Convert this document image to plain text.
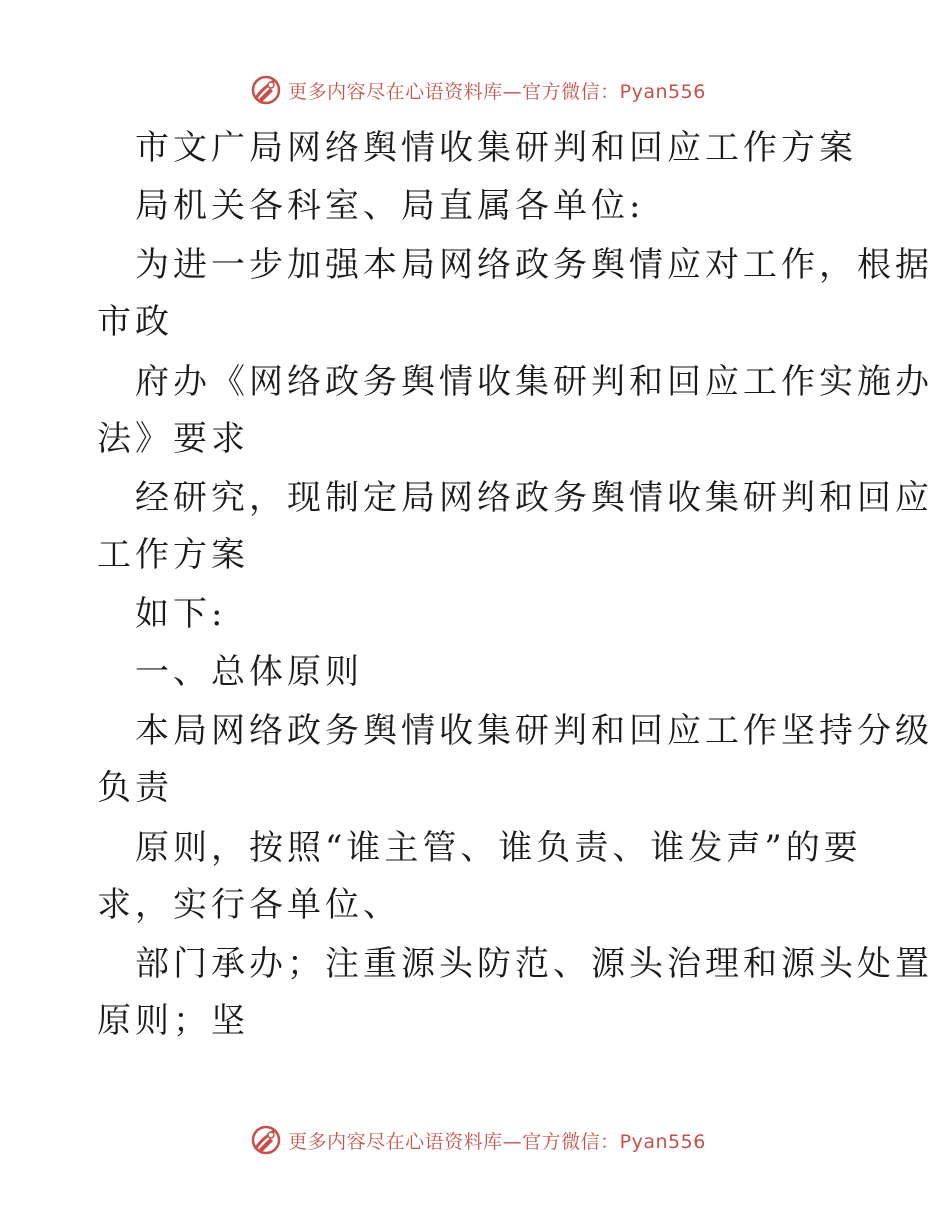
更多内容尽在心语资料库—官方微信：Pyan556
市文广局网络舆情收集研判和回应工作方案
局机关各科室、局直属各单位:
为进一步加强本局网络政务舆情应对工作，根据
市政
府办《网络政务舆情收集研判和回应工作实施办
法》要求
经研究，现制定局网络政务舆情收集研判和回应
工作方案
如下:
一、总体原则
本局网络政务舆情收集研判和回应工作坚持分级
负责
原则，按照“谁主管、谁负责、谁发声”的要
求，实行各单位、
部门承办；注重源头防范、源头治理和源头处置
原则；坚
更多内容尽在心语资料库—官方微信：Pyan556
